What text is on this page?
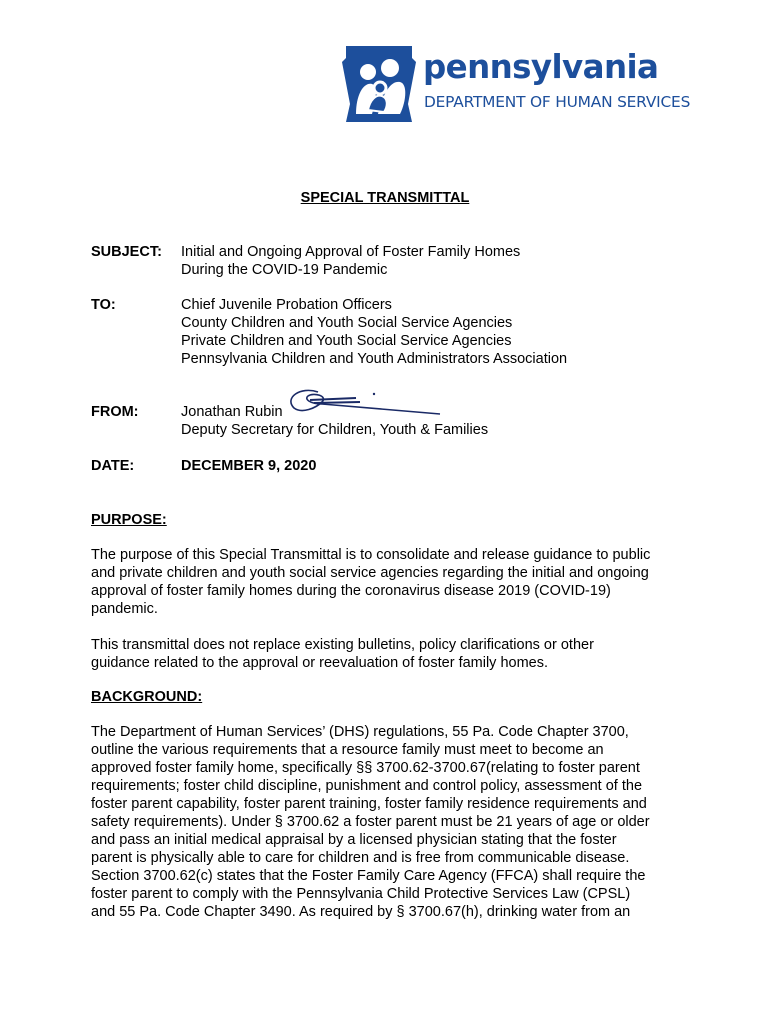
pennsylvania
DEPARTMENT OF HUMAN SERVICES
SPECIAL TRANSMITTAL
SUBJECT: Initial and Ongoing Approval of Foster Family Homes
During the COVID-19 Pandemic
TO:	Chief Juvenile Probation Officers
County Children and Youth Social Service Agencies
Private Children and Youth Social Service Agencies
Pennsylvania Children and Youth Administrators Association
FROM:	Jonathan Rubin
Deputy Secretary for Children, Youth & Families
DATE:	DECEMBER 9, 2020
PURPOSE:
The purpose of this Special Transmittal is to consolidate and release guidance to public
and private children and youth social service agencies regarding the initial and ongoing
approval of foster family homes during the coronavirus disease 2019 (COVID-19)
pandemic.
This transmittal does not replace existing bulletins, policy clarifications or other
guidance related to the approval or reevaluation of foster family homes.
BACKGROUND:
The Department of Human Services’ (DHS) regulations, 55 Pa. Code Chapter 3700,
outline the various requirements that a resource family must meet to become an
approved foster family home, specifically §§ 3700.62-3700.67(relating to foster parent
requirements; foster child discipline, punishment and control policy, assessment of the
foster parent capability, foster parent training, foster family residence requirements and
safety requirements). Under § 3700.62 a foster parent must be 21 years of age or older
and pass an initial medical appraisal by a licensed physician stating that the foster
parent is physically able to care for children and is free from communicable disease.
Section 3700.62(c) states that the Foster Family Care Agency (FFCA) shall require the
foster parent to comply with the Pennsylvania Child Protective Services Law (CPSL)
and 55 Pa. Code Chapter 3490. As required by § 3700.67(h), drinking water from an
